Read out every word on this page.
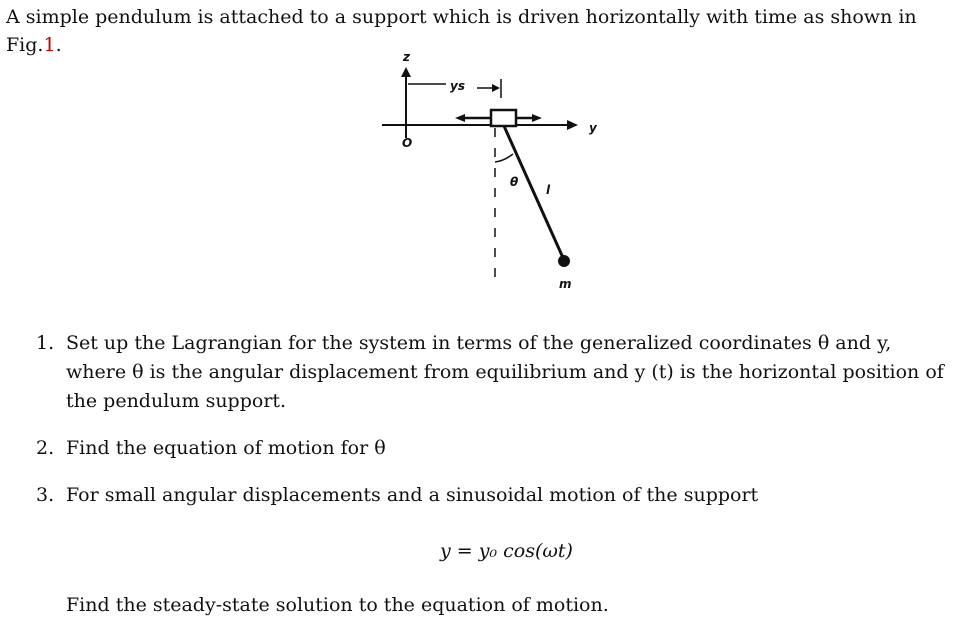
A simple pendulum is attached to a support which is driven horizontally with time as shown in Fig.1.
z
y
O
ys
θ
l
m
1. Set up the Lagrangian for the system in terms of the generalized coordinates θ and y, where θ is the angular displacement from equilibrium and y (t) is the horizontal position of the pendulum support.
2. Find the equation of motion for θ
3. For small angular displacements and a sinusoidal motion of the support
y = y₀ cos(ωt)
Find the steady-state solution to the equation of motion.
